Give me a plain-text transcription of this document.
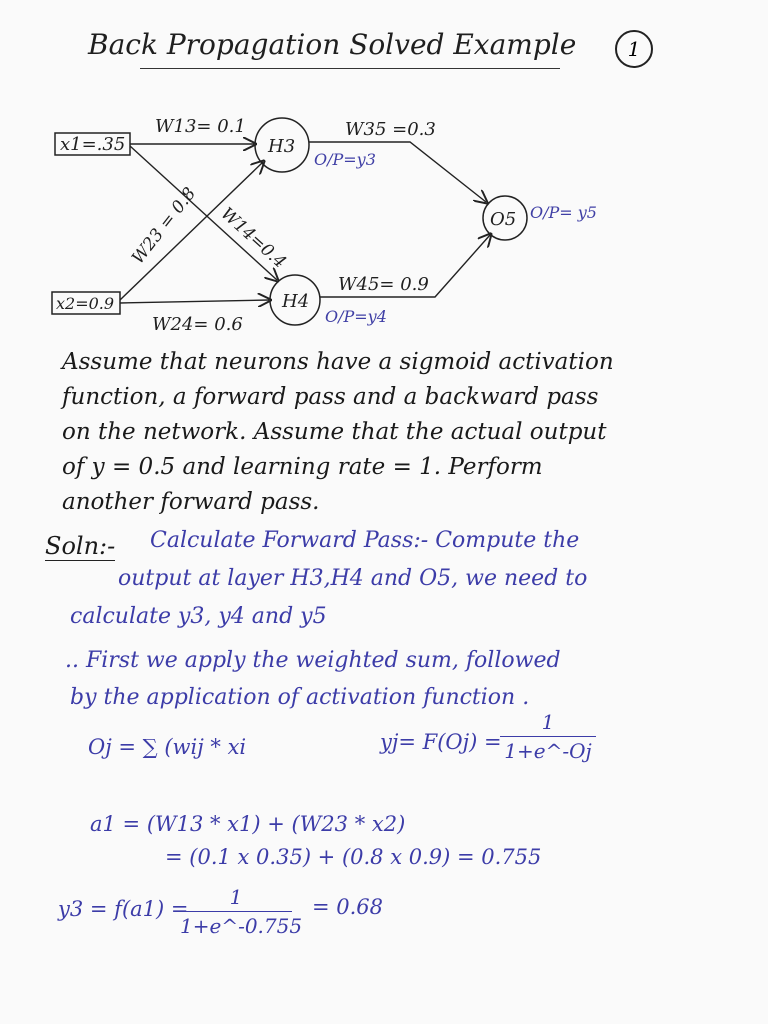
Back Propagation Solved Example	1
x1=.35
x2=0.9
H3
H4
O5
W13= 0.1
W23 = 0.8 W14=0.4
W24= 0.6
W35 =0.3
W45= 0.9
O/P=y3
O/P=y4
O/P= y5
Assume that neurons have a sigmoid activation
function, a forward pass and a backward pass
on the network. Assume that the actual output
of y = 0.5 and learning rate = 1. Perform
another forward pass.
Soln:- Calculate Forward Pass:- Compute the
output at layer H3,H4 and O5, we need to
calculate y3, y4 and y5
.. First we apply the weighted sum, followed
by the application of activation function .
Oj = ∑ (wij * xi	yj= F(Oj) =
1
1+e^-Oj
a1 = (W13 * x1) + (W23 * x2)
= (0.1 x 0.35) + (0.8 x 0.9) = 0.755
y3 = f(a1) =	1
1+e^-0.755
= 0.68
